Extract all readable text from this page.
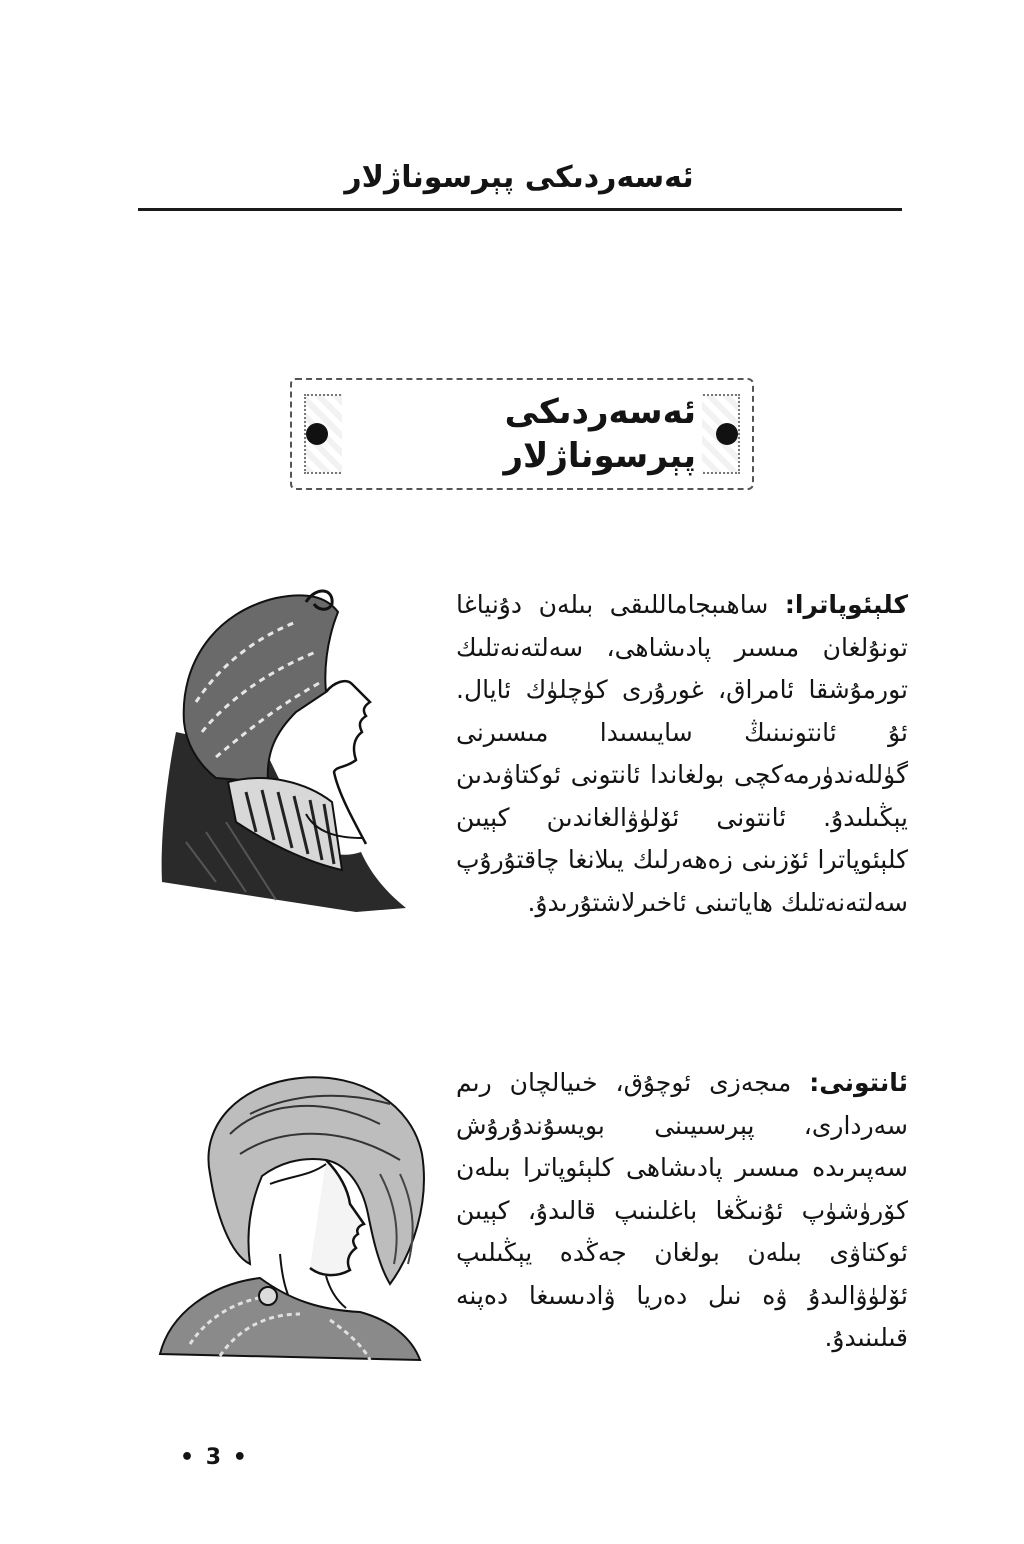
ئەسەردىكى پېرسوناژلار
ئەسەردىكى پېرسوناژلار
كلېئوپاترا: ساھىبجاماللىقى بىلەن دۇنياغا تونۇلغان مىسىر پادىشاھى، سەلتەنەتلىك تورمۇشقا ئامراق، غورۇرى كۈچلۈك ئايال. ئۇ ئانتونىنىڭ سايىسىدا مىسىرنى گۈللەندۈرمەكچى بولغاندا ئانتونى ئوكتاۋىدىن يېڭىلىدۇ. ئانتونى ئۆلۈۋالغاندىن كېيىن كلېئوپاترا ئۆزىنى زەھەرلىك يىلانغا چاقتۇرۇپ سەلتەنەتلىك ھاياتىنى ئاخىرلاشتۇرىدۇ.
ئانتونى: مىجەزى ئوچۇق، خىيالچان رىم سەردارى، پېرسىيىنى بويسۇندۇرۇش سەپىرىدە مىسىر پادىشاھى كلېئوپاترا بىلەن كۆرۈشۈپ ئۇنىڭغا باغلىنىپ قالىدۇ، كېيىن ئوكتاۋى بىلەن بولغان جەڭدە يېڭىلىپ ئۆلۈۋالىدۇ ۋە نىل دەريا ۋادىسىغا دەپنە قىلىنىدۇ.
• 3 •
